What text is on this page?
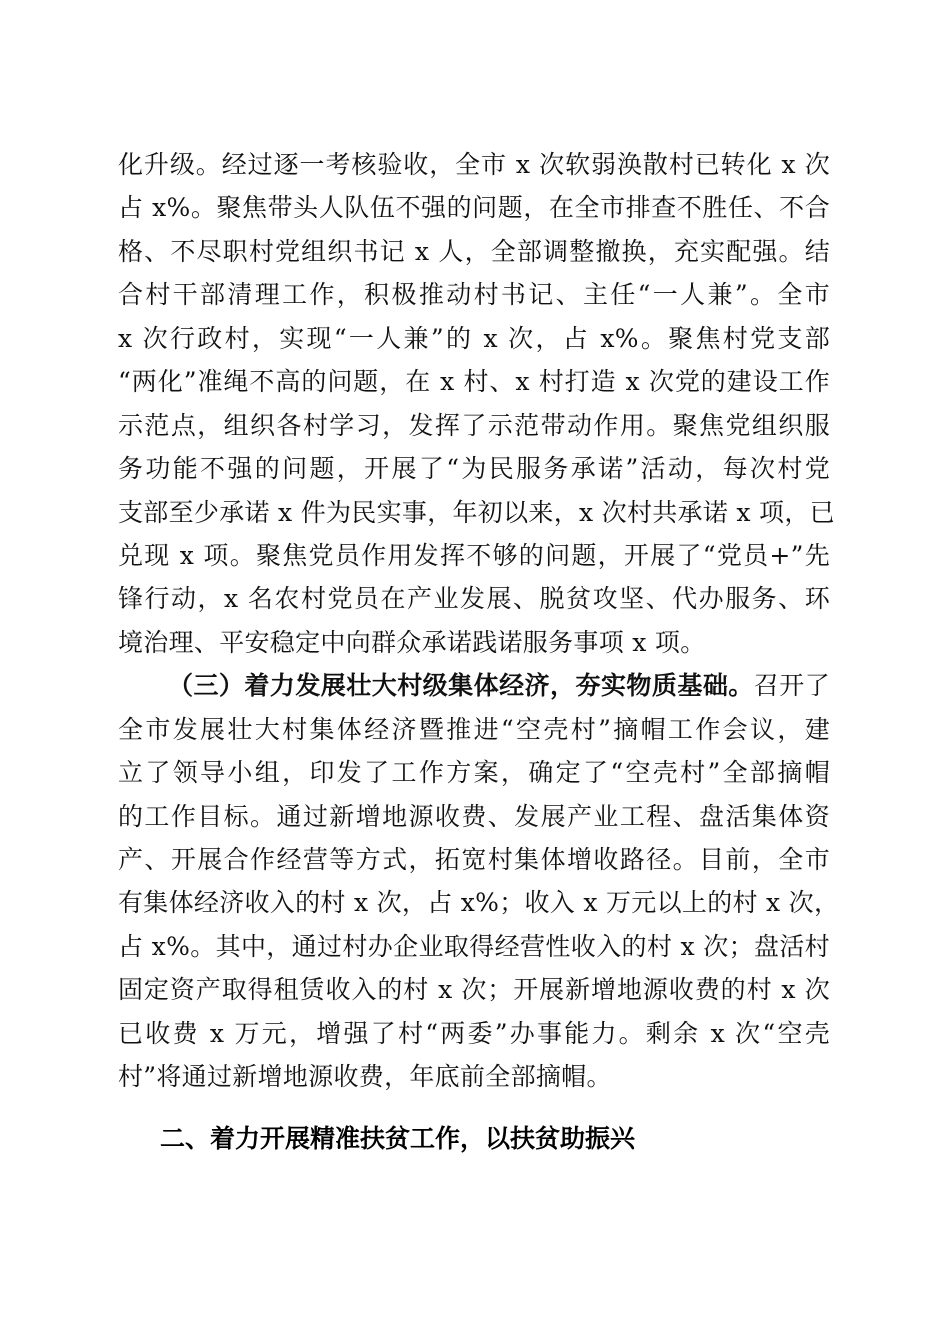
化升级。经过逐一考核验收，全市 x 次软弱涣散村已转化 x 次
占 x%。聚焦带头人队伍不强的问题，在全市排查不胜任、不合
格、不尽职村党组织书记 x 人，全部调整撤换，充实配强。结
合村干部清理工作，积极推动村书记、主任“一人兼”。全市
x 次行政村，实现“一人兼”的 x 次，占 x%。聚焦村党支部
“两化”准绳不高的问题，在 x 村、x 村打造 x 次党的建设工作
示范点，组织各村学习，发挥了示范带动作用。聚焦党组织服
务功能不强的问题，开展了“为民服务承诺”活动，每次村党
支部至少承诺 x 件为民实事，年初以来，x 次村共承诺 x 项，已
兑现 x 项。聚焦党员作用发挥不够的问题，开展了“党员+”先
锋行动，x 名农村党员在产业发展、脱贫攻坚、代办服务、环
境治理、平安稳定中向群众承诺践诺服务事项 x 项。
（三）着力发展壮大村级集体经济，夯实物质基础。召开了
全市发展壮大村集体经济暨推进“空壳村”摘帽工作会议，建
立了领导小组，印发了工作方案，确定了“空壳村”全部摘帽
的工作目标。通过新增地源收费、发展产业工程、盘活集体资
产、开展合作经营等方式，拓宽村集体增收路径。目前，全市
有集体经济收入的村 x 次，占 x%；收入 x 万元以上的村 x 次，
占 x%。其中，通过村办企业取得经营性收入的村 x 次；盘活村
固定资产取得租赁收入的村 x 次；开展新增地源收费的村 x 次
已收费 x 万元，增强了村“两委”办事能力。剩余 x 次“空壳
村”将通过新增地源收费，年底前全部摘帽。
二、着力开展精准扶贫工作，以扶贫助振兴
